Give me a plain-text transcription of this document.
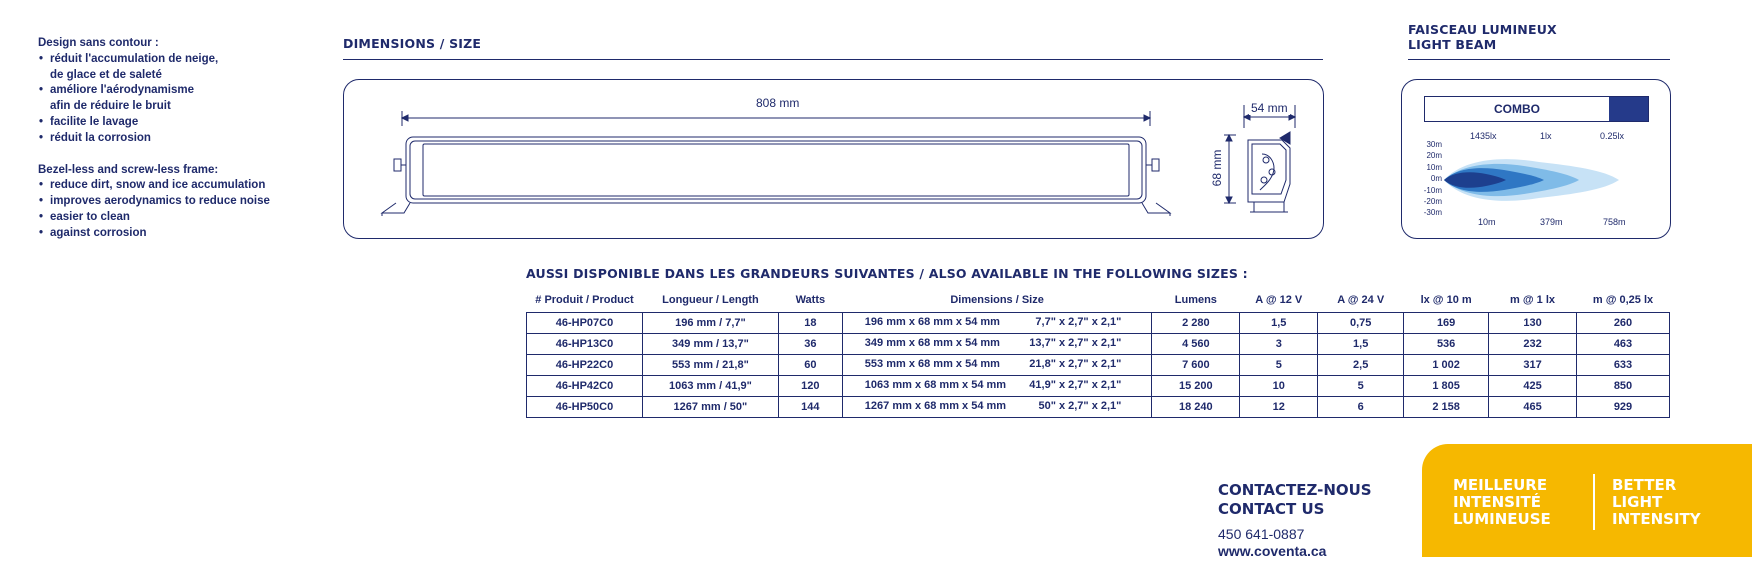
Design sans contour :

• réduit l'accumulation de neige,
de glace et de saleté
• améliore l'aérodynamisme
afin de réduire le bruit
• facilite le lavage
• réduit la corrosion

Bezel-less and screw-less frame:

• reduce dirt, snow and ice accumulation
• improves aerodynamics to reduce noise
• easier to clean
• against corrosion
DIMENSIONS / SIZE
808 mm	54 mm
68 mm
FAISCEAU LUMINEUX
LIGHT BEAM
COMBO
1435lx	1lx	0.25lx
30m
20m
10m
0m
-10m
-20m
-30m
10m	379m	758m
AUSSI DISPONIBLE DANS LES GRANDEURS SUIVANTES / ALSO AVAILABLE IN THE FOLLOWING SIZES :
# Produit / Product	Longueur / Length	Watts	Dimensions / Size	Lumens	A @ 12 V	A @ 24 V	lx @ 10 m	m @ 1 lx	m @ 0,25 lx
46-HP07C0	196 mm / 7,7"	18	196 mm x 68 mm x 54 mm 7,7" x 2,7" x 2,1"	2 280	1,5	0,75	169	130	260
46-HP13C0	349 mm / 13,7"	36	349 mm x 68 mm x 54 mm 13,7" x 2,7" x 2,1"	4 560	3	1,5	536	232	463
46-HP22C0	553 mm / 21,8"	60	553 mm x 68 mm x 54 mm 21,8" x 2,7" x 2,1"	7 600	5	2,5	1 002	317	633
46-HP42C0	1063 mm / 41,9"	120	1063 mm x 68 mm x 54 mm 41,9" x 2,7" x 2,1"	15 200	10	5	1 805	425	850
46-HP50C0	1267 mm / 50"	144	1267 mm x 68 mm x 54 mm 50" x 2,7" x 2,1"	18 240	12	6	2 158	465	929
CONTACTEZ-NOUS
CONTACT US
450 641-0887
www.coventa.ca
MEILLEURE
INTENSITÉ
LUMINEUSE
BETTER
LIGHT
INTENSITY
